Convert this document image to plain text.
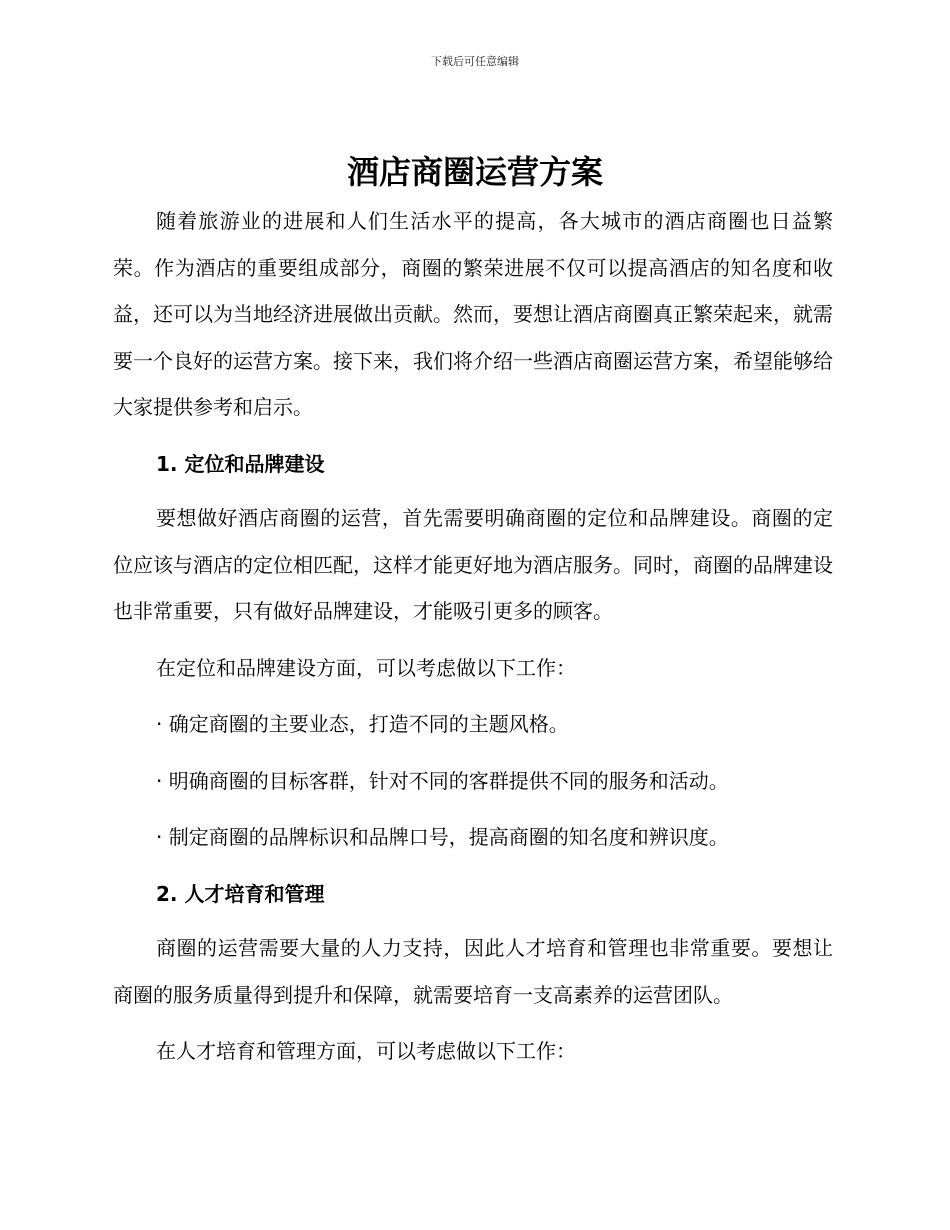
下载后可任意编辑
酒店商圈运营方案

随着旅游业的进展和人们生活水平的提高，各大城市的酒店商圈也日益繁荣。作为酒店的重要组成部分，商圈的繁荣进展不仅可以提高酒店的知名度和收益，还可以为当地经济进展做出贡献。然而，要想让酒店商圈真正繁荣起来，就需要一个良好的运营方案。接下来，我们将介绍一些酒店商圈运营方案，希望能够给大家提供参考和启示。

1. 定位和品牌建设

要想做好酒店商圈的运营，首先需要明确商圈的定位和品牌建设。商圈的定位应该与酒店的定位相匹配，这样才能更好地为酒店服务。同时，商圈的品牌建设也非常重要，只有做好品牌建设，才能吸引更多的顾客。

在定位和品牌建设方面，可以考虑做以下工作：
· 确定商圈的主要业态，打造不同的主题风格。
· 明确商圈的目标客群，针对不同的客群提供不同的服务和活动。
· 制定商圈的品牌标识和品牌口号，提高商圈的知名度和辨识度。
2. 人才培育和管理

商圈的运营需要大量的人力支持，因此人才培育和管理也非常重要。要想让商圈的服务质量得到提升和保障，就需要培育一支高素养的运营团队。

在人才培育和管理方面，可以考虑做以下工作：
